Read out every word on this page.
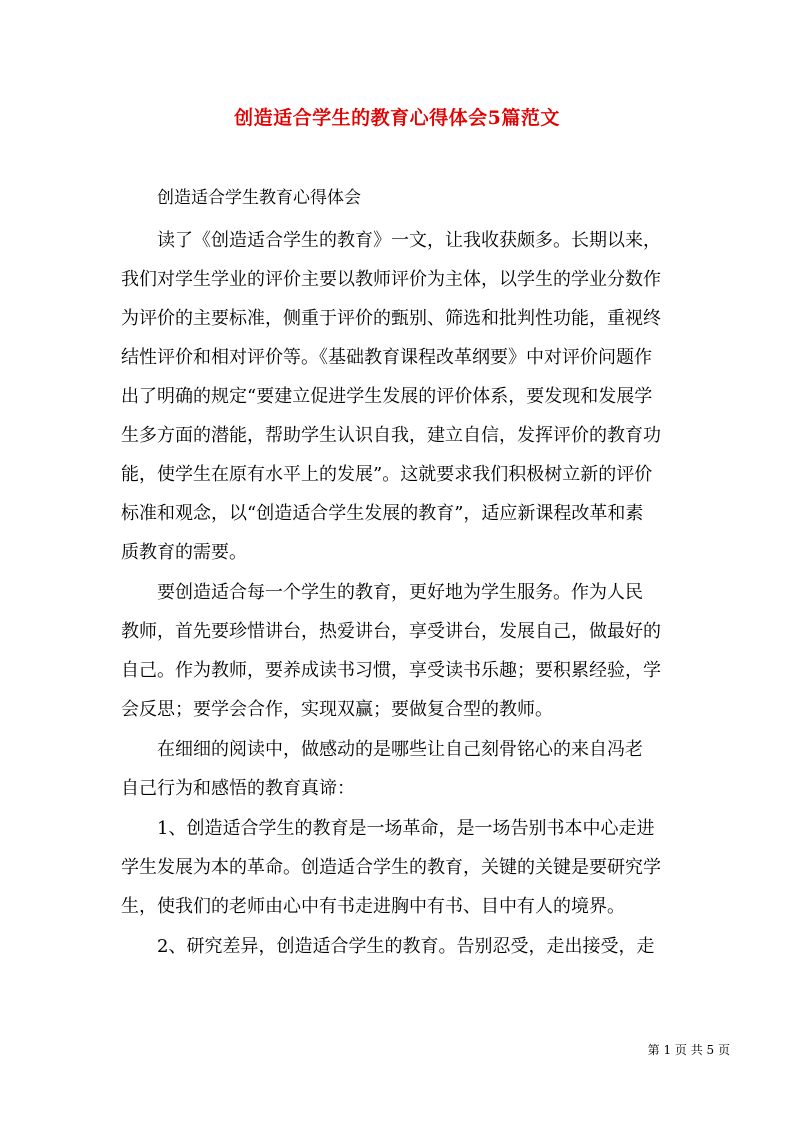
创造适合学生的教育心得体会5篇范文
创造适合学生教育心得体会
读了《创造适合学生的教育》一文，让我收获颇多。长期以来，
我们对学生学业的评价主要以教师评价为主体，以学生的学业分数作
为评价的主要标准，侧重于评价的甄别、筛选和批判性功能，重视终
结性评价和相对评价等。《基础教育课程改革纲要》中对评价问题作
出了明确的规定“要建立促进学生发展的评价体系，要发现和发展学
生多方面的潜能，帮助学生认识自我，建立自信，发挥评价的教育功
能，使学生在原有水平上的发展”。这就要求我们积极树立新的评价
标准和观念，以“创造适合学生发展的教育”，适应新课程改革和素
质教育的需要。
要创造适合每一个学生的教育，更好地为学生服务。作为人民
教师，首先要珍惜讲台，热爱讲台，享受讲台，发展自己，做最好的
自己。作为教师，要养成读书习惯，享受读书乐趣；要积累经验，学
会反思；要学会合作，实现双赢；要做复合型的教师。
在细细的阅读中，做感动的是哪些让自己刻骨铭心的来自冯老
自己行为和感悟的教育真谛：
1、创造适合学生的教育是一场革命，是一场告别书本中心走进
学生发展为本的革命。创造适合学生的教育，关键的关键是要研究学
生，使我们的老师由心中有书走进胸中有书、目中有人的境界。
2、研究差异，创造适合学生的教育。告别忍受，走出接受，走
第 1 页 共 5 页
